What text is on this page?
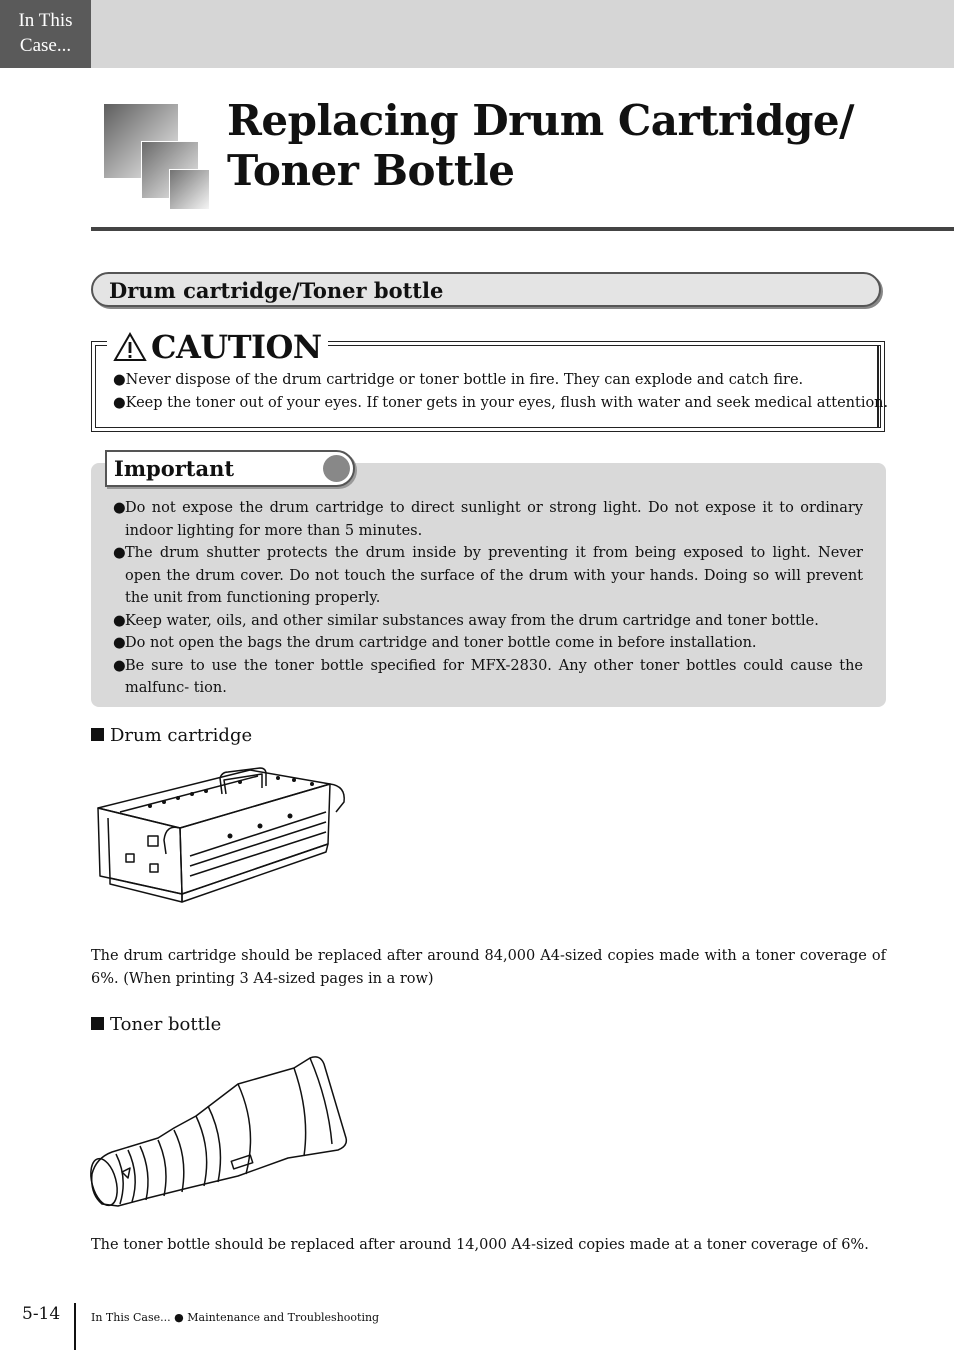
In This Case...
Replacing Drum Cartridge/
Toner Bottle
Drum cartridge/Toner bottle
CAUTION
●Never dispose of the drum cartridge or toner bottle in fire. They can explode and catch fire.
●Keep the toner out of your eyes. If toner gets in your eyes, flush with water and seek medical attention.
Important
● Do not expose the drum cartridge to direct sunlight or strong light. Do not expose it to ordinary indoor lighting for more than 5 minutes.
● The drum shutter protects the drum inside by preventing it from being exposed to light. Never open the drum cover. Do not touch the surface of the drum with your hands. Doing so will prevent the unit from functioning properly.
● Keep water, oils, and other similar substances away from the drum cartridge and toner bottle.
● Do not open the bags the drum cartridge and toner bottle come in before installation.
● Be sure to use the toner bottle specified for MFX-2830. Any other toner bottles could cause the malfunc- tion.
Drum cartridge
The drum cartridge should be replaced after around 84,000 A4-sized copies made with a toner coverage of 6%. (When printing 3 A4-sized pages in a row)
Toner bottle
The toner bottle should be replaced after around 14,000 A4-sized copies made at a toner coverage of 6%.
5-14	In This Case... ● Maintenance and Troubleshooting
